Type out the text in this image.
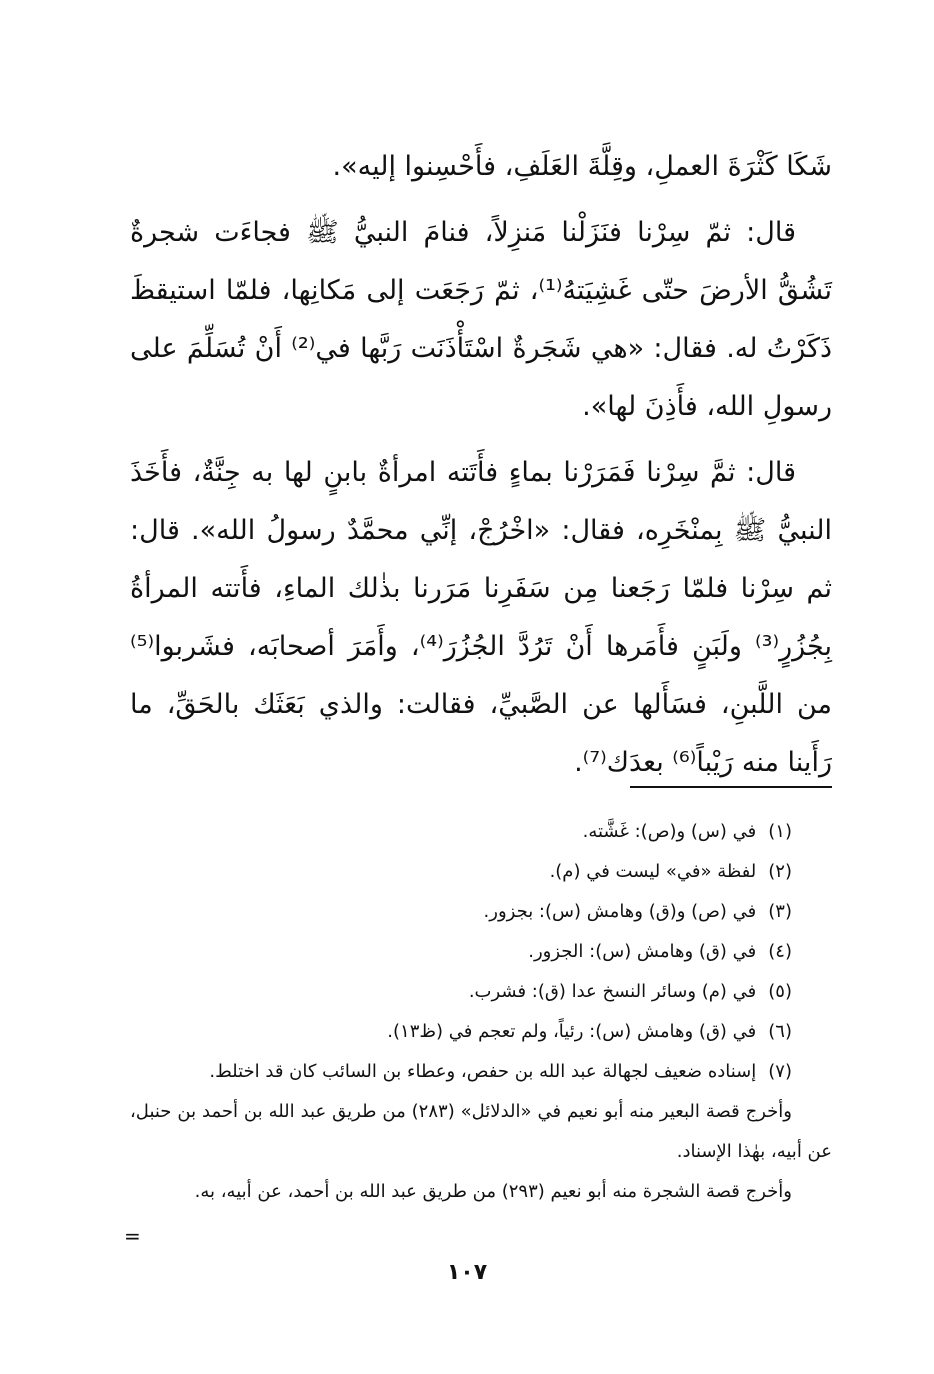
شَكَا كَثْرَةَ العملِ، وقِلَّةَ العَلَفِ، فأَحْسِنوا إليه».

قال: ثمّ سِرْنا فنَزَلْنا مَنزِلاً، فنامَ النبيُّ ﷺ فجاءَت شجرةٌ تَشُقُّ الأرضَ حتّى غَشِيَتهُ⁽¹⁾، ثمّ رَجَعَت إلى مَكانِها، فلمّا استيقظَ ذَكَرْتُ له. فقال: «هي شَجَرةٌ اسْتَأْذَنَت رَبَّها في⁽²⁾ أَنْ تُسَلِّمَ على رسولِ الله، فأَذِنَ لها».

قال: ثمَّ سِرْنا فَمَرَرْنا بماءٍ فأَتَته امرأةٌ بابنٍ لها به جِنَّةٌ، فأَخَذَ النبيُّ ﷺ بِمنْخَرِه، فقال: «اخْرُجْ، إنِّي محمَّدٌ رسولُ الله». قال: ثم سِرْنا فلمّا رَجَعنا مِن سَفَرِنا مَرَرنا بذٰلك الماءِ، فأَتته المرأةُ بِجُزُرٍ⁽³⁾ ولَبَنٍ فأَمَرها أَنْ تَرُدَّ الجُزُرَ⁽⁴⁾، وأَمَرَ أصحابَه، فشَربوا⁽⁵⁾ من اللَّبنِ، فسَأَلها عن الصَّبيِّ، فقالت: والذي بَعَثَك بالحَقِّ، ما رَأَينا منه رَيْباً⁽⁶⁾ بعدَك⁽⁷⁾.

(١) في (س) و(ص): غَشَّته.

(٢) لفظة «في» ليست في (م).

(٣) في (ص) و(ق) وهامش (س): بجزور.

(٤) في (ق) وهامش (س): الجزور.

(٥) في (م) وسائر النسخ عدا (ق): فشرب.

(٦) في (ق) وهامش (س): رئياً، ولم تعجم في (ظ١٣).

(٧) إسناده ضعيف لجهالة عبد الله بن حفص، وعطاء بن السائب كان قد اختلط.

وأخرج قصة البعير منه أبو نعيم في «الدلائل» (٢٨٣) من طريق عبد الله بن أحمد بن حنبل، عن أبيه، بهٰذا الإسناد.

وأخرج قصة الشجرة منه أبو نعيم (٢٩٣) من طريق عبد الله بن أحمد، عن أبيه، به.

=
١٠٧
